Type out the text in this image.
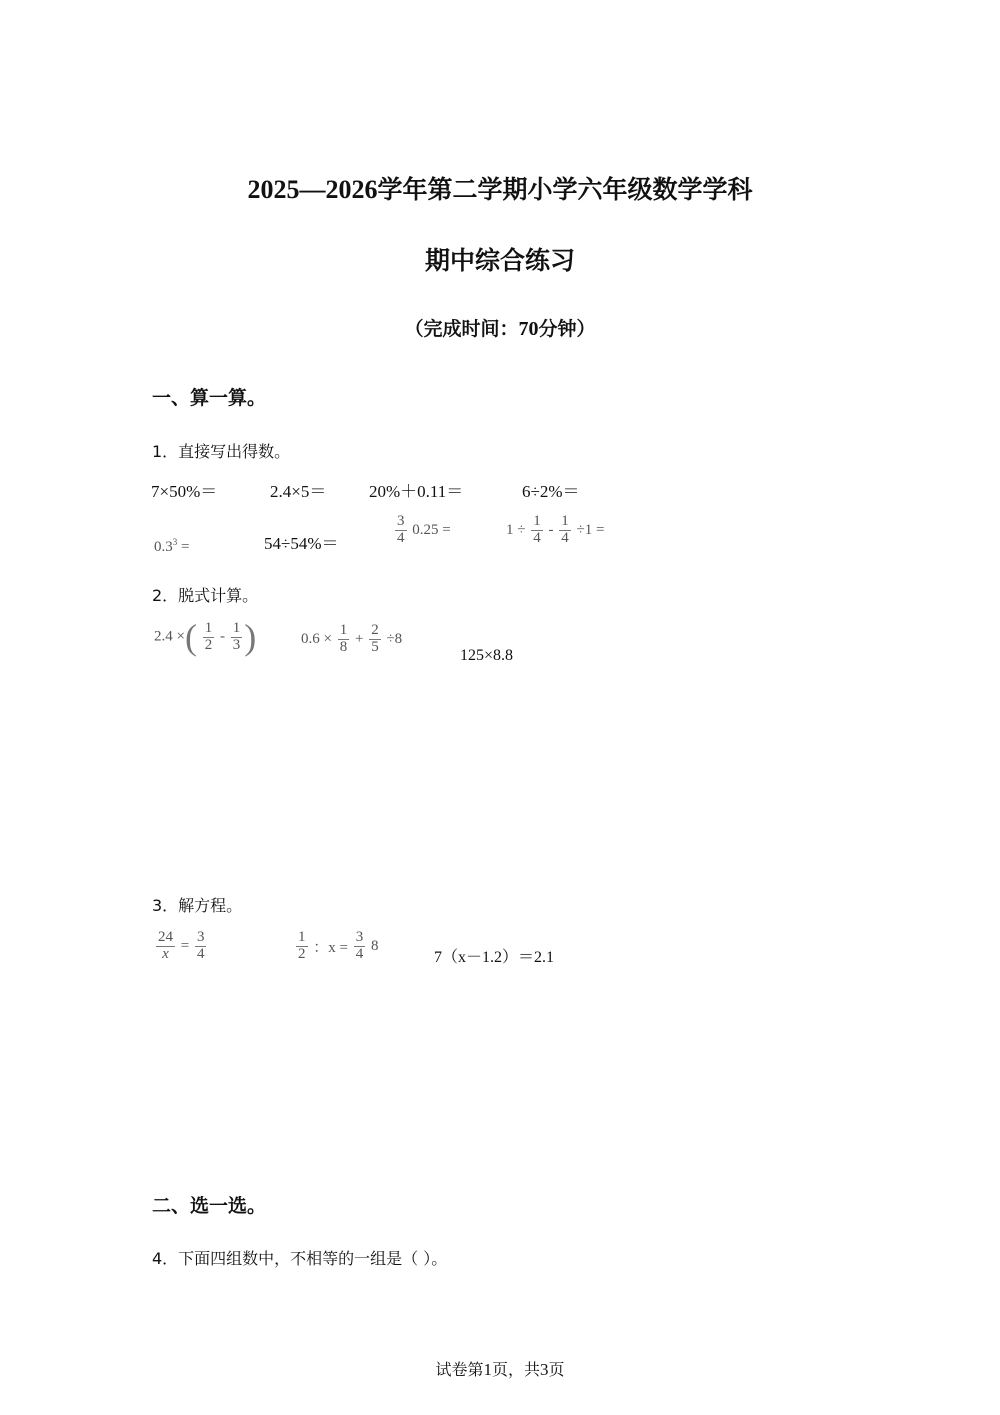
2025—2026学年第二学期小学六年级数学学科
期中综合练习
（完成时间：70分钟）
一、算一算。
1．直接写出得数。
7×50%＝	2.4×5＝	20%＋0.11＝	6÷2%＝
$0.3^3$ =	54÷54%＝	$\frac{3}{4} 0.25$ =	$1 \div \frac{1}{4} - \frac{1}{4} \div 1$ =
2．脱式计算。
2.4 ×( $\frac{1}{2} - \frac{1}{3}$ )	$0.6 \times \frac{1}{8} + \frac{2}{5} \div 8$
125×8.8
3．解方程。
$\frac{24}{x} = \frac{3}{4}$	$\frac{1}{2}$ ：$x = \frac{3}{4} 8$
7（x－1.2）＝2.1
二、选一选。
4．下面四组数中，不相等的一组是（ ）。
试卷第1页，共3页
